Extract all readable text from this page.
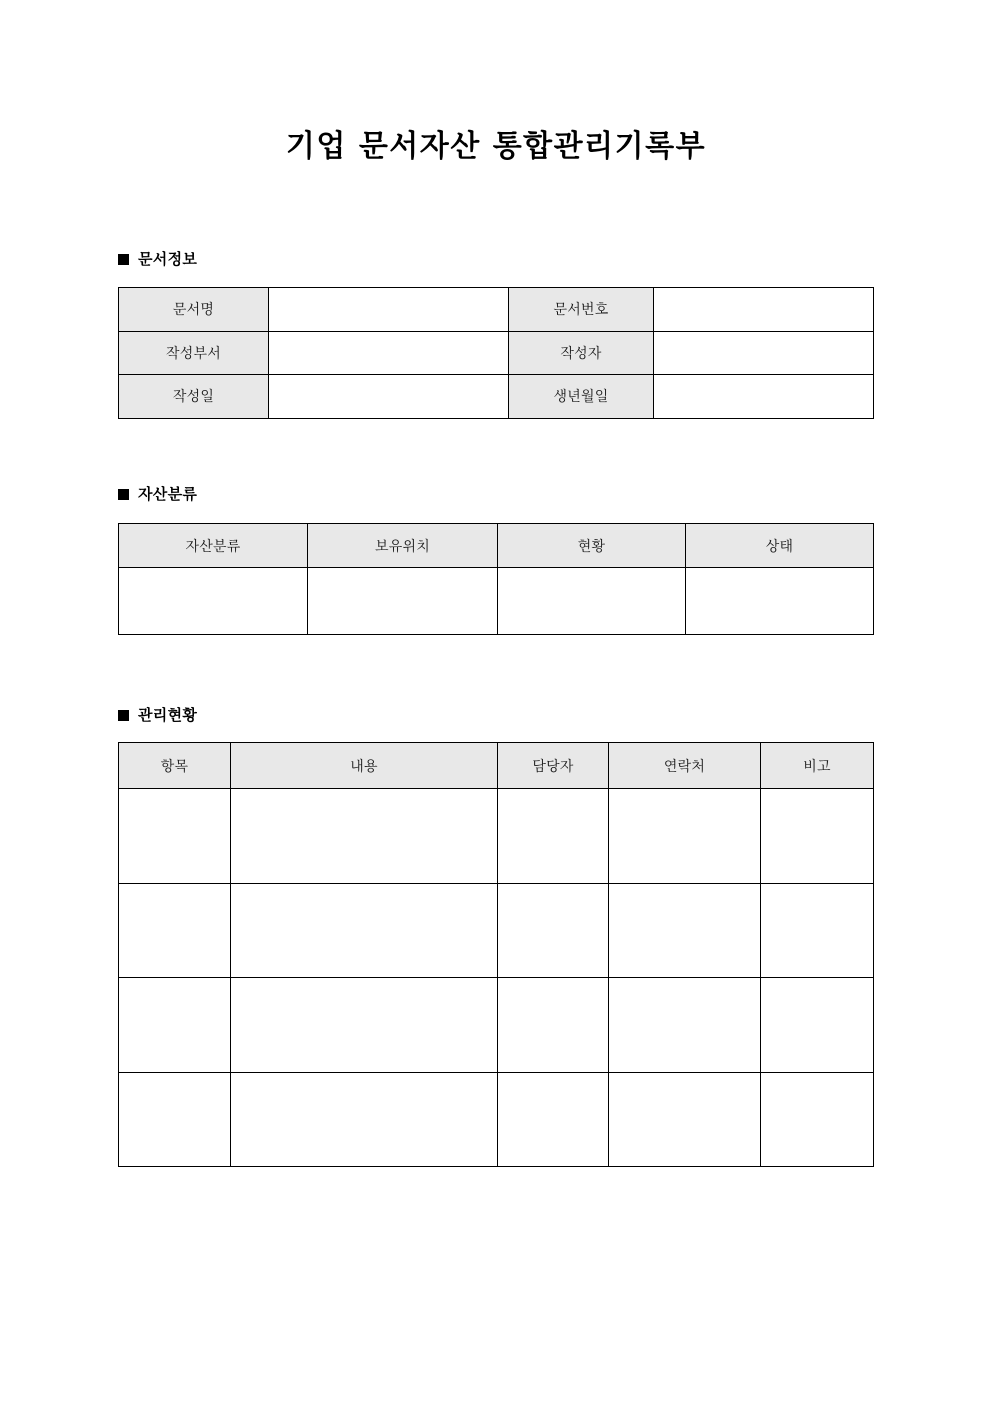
기업 문서자산 통합관리기록부
문서정보
문서명		문서번호	
작성부서		작성자	
작성일		생년월일	
자산분류
자산분류	보유위치	현황	상태

관리현황
항목	내용	담당자	연락처	비고
